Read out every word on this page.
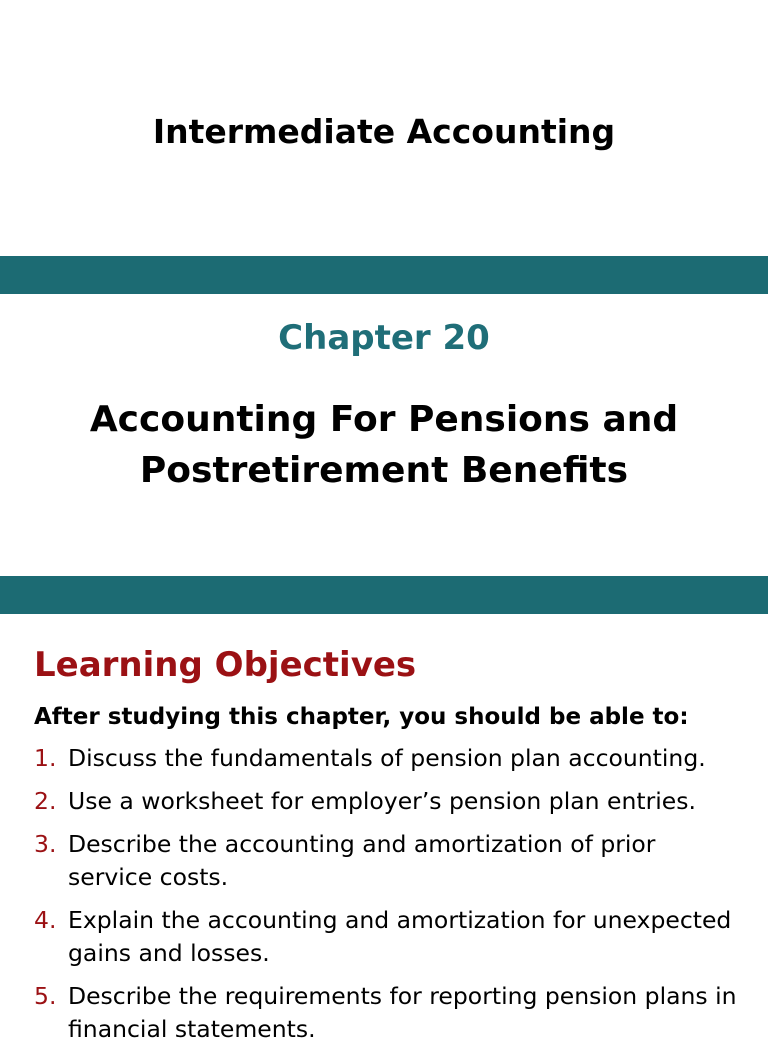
Intermediate Accounting
Chapter 20
Accounting For Pensions and
Postretirement Benefits
Learning Objectives
After studying this chapter, you should be able to:
1. Discuss the fundamentals of pension plan accounting.
2. Use a worksheet for employer’s pension plan entries.
3. Describe the accounting and amortization of prior service costs.
4. Explain the accounting and amortization for unexpected gains and losses.
5. Describe the requirements for reporting pension plans in financial statements.
